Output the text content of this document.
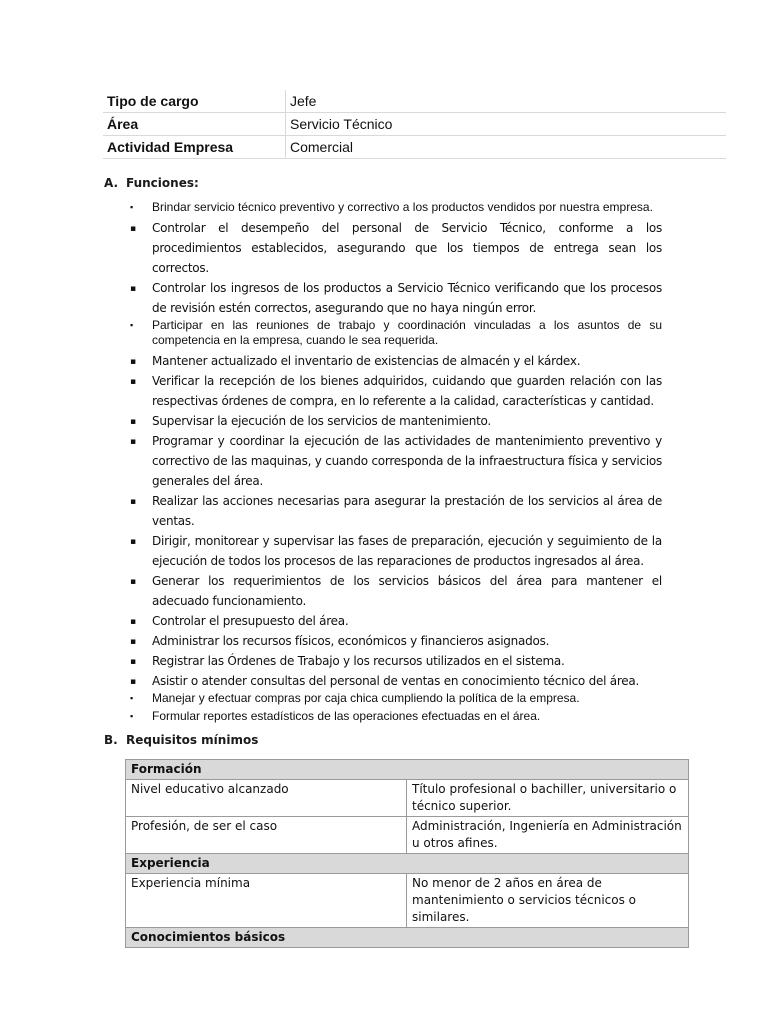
Tipo de cargo	Jefe
Área	Servicio Técnico
Actividad Empresa	Comercial
A. Funciones:
▪ Brindar servicio técnico preventivo y correctivo a los productos vendidos por nuestra empresa.
▪ Controlar el desempeño del personal de Servicio Técnico, conforme a los procedimientos establecidos, asegurando que los tiempos de entrega sean los correctos.
▪ Controlar los ingresos de los productos a Servicio Técnico verificando que los procesos de revisión estén correctos, asegurando que no haya ningún error.
▪ Participar en las reuniones de trabajo y coordinación vinculadas a los asuntos de su competencia en la empresa, cuando le sea requerida.
▪ Mantener actualizado el inventario de existencias de almacén y el kárdex.
▪ Verificar la recepción de los bienes adquiridos, cuidando que guarden relación con las respectivas órdenes de compra, en lo referente a la calidad, características y cantidad.
▪ Supervisar la ejecución de los servicios de mantenimiento.
▪ Programar y coordinar la ejecución de las actividades de mantenimiento preventivo y correctivo de las maquinas, y cuando corresponda de la infraestructura física y servicios generales del área.
▪ Realizar las acciones necesarias para asegurar la prestación de los servicios al área de ventas.
▪ Dirigir, monitorear y supervisar las fases de preparación, ejecución y seguimiento de la ejecución de todos los procesos de las reparaciones de productos ingresados al área.
▪ Generar los requerimientos de los servicios básicos del área para mantener el adecuado funcionamiento.
▪ Controlar el presupuesto del área.
▪ Administrar los recursos físicos, económicos y financieros asignados.
▪ Registrar las Órdenes de Trabajo y los recursos utilizados en el sistema.
▪ Asistir o atender consultas del personal de ventas en conocimiento técnico del área.
▪ Manejar y efectuar compras por caja chica cumpliendo la política de la empresa.
▪ Formular reportes estadísticos de las operaciones efectuadas en el área.
B. Requisitos mínimos
Formación	
Nivel educativo alcanzado	Título profesional o bachiller, universitario o técnico superior.
Profesión, de ser el caso	Administración, Ingeniería en Administración u otros afines.
Experiencia	
Experiencia mínima	No menor de 2 años en área de mantenimiento o servicios técnicos o similares.
Conocimientos básicos	
